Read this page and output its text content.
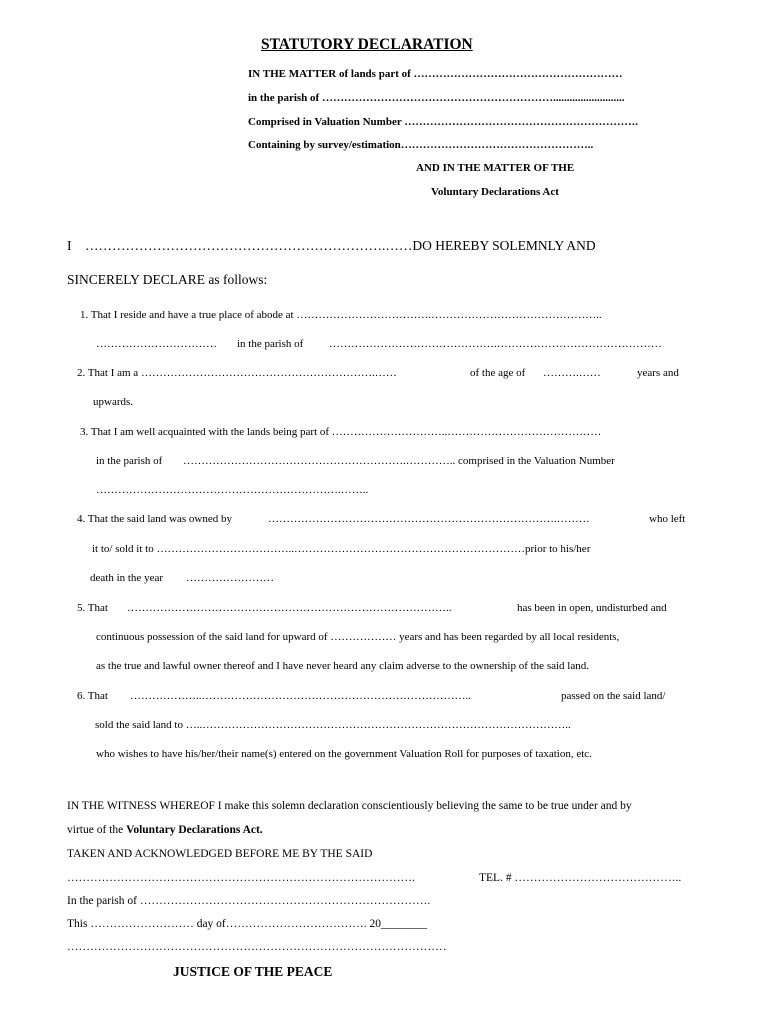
STATUTORY DECLARATION
IN THE MATTER of lands part of …………………………………………………
in the parish of ………………………………………………………..........................
Comprised in Valuation Number ……………………………………………………….
Containing by survey/estimation……………………………………………..
AND IN THE MATTER OF THE
Voluntary Declarations Act
I ………………………………………………………….……DO HEREBY SOLEMNLY AND
SINCERELY DECLARE as follows:
1. That I reside and have a true place of abode at ……………………………….………………………………………..
…………………………… in the parish of ……………………………………….………………………………………
2. That I am a ……………………………………………………….……	of the age of ……….……	years and
upwards.
3. That I am well acquainted with the lands being part of …………………………..……………………………………
in the parish of …………………………………………………….………….. comprised in the Valuation Number
………………………………………………………….……..
4. That the said land was owned by	…………………………………………………………………….………	who left
it to/ sold it to ………………………………..………………………………………………………prior to his/her
death in the year ……………………
5. That ……………………………………………………………………………..	has been in open, undisturbed and
continuous possession of the said land for upward of ……………… years and has been regarded by all local residents,
as the true and lawful owner thereof and I have never heard any claim adverse to the ownership of the said land.
6. That ………………..………………………………………………………………..	passed on the said land/
sold the said land to …..………………………………………………………………………………………..
who wishes to have his/her/their name(s) entered on the government Valuation Roll for purposes of taxation, etc.
IN THE WITNESS WHEREOF I make this solemn declaration conscientiously believing the same to be true under and by
virtue of the Voluntary Declarations Act.
TAKEN AND ACKNOWLEDGED BEFORE ME BY THE SAID
……………………………………………………………………………….	TEL. # ……………………………………..
In the parish of ………………………………………………………………….
This ……………………… day of………………………………. 20________
………………………………………………………………………………………
JUSTICE OF THE PEACE
